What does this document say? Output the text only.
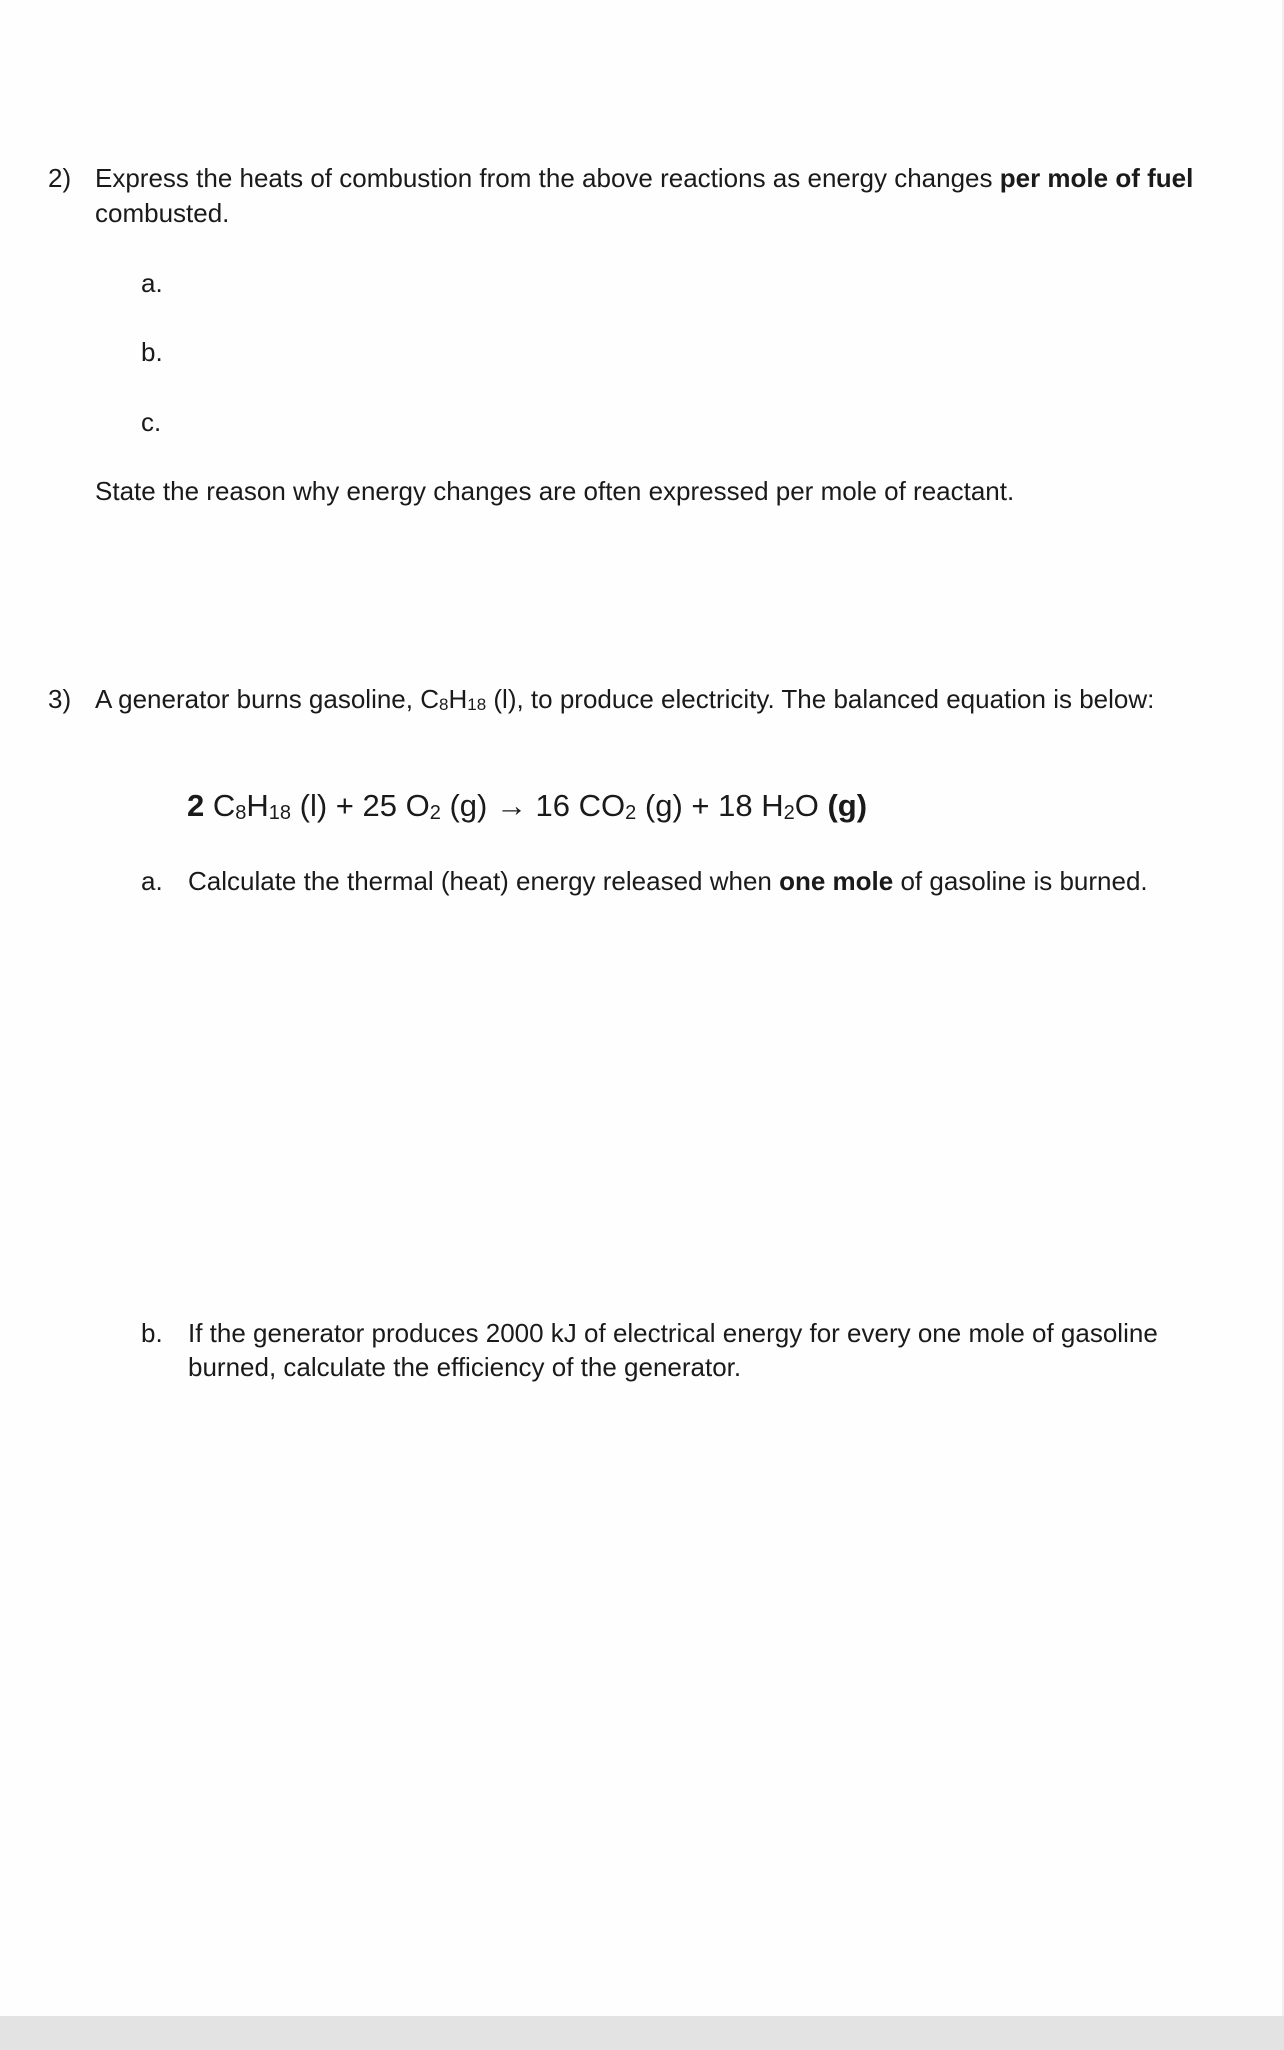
2) Express the heats of combustion from the above reactions as energy changes per mole of fuel
combusted.
a.
b.
c.
State the reason why energy changes are often expressed per mole of reactant.
3) A generator burns gasoline, $C_8H_{18}$ (l), to produce electricity. The balanced equation is below:
2 $C_8H_{18}$ (l) + 25 $O_2$ (g) → 16 $CO_2$ (g) + 18 $H_2O$ (g)
a. Calculate the thermal (heat) energy released when one mole of gasoline is burned.
b. If the generator produces 2000 kJ of electrical energy for every one mole of gasoline
burned, calculate the efficiency of the generator.
